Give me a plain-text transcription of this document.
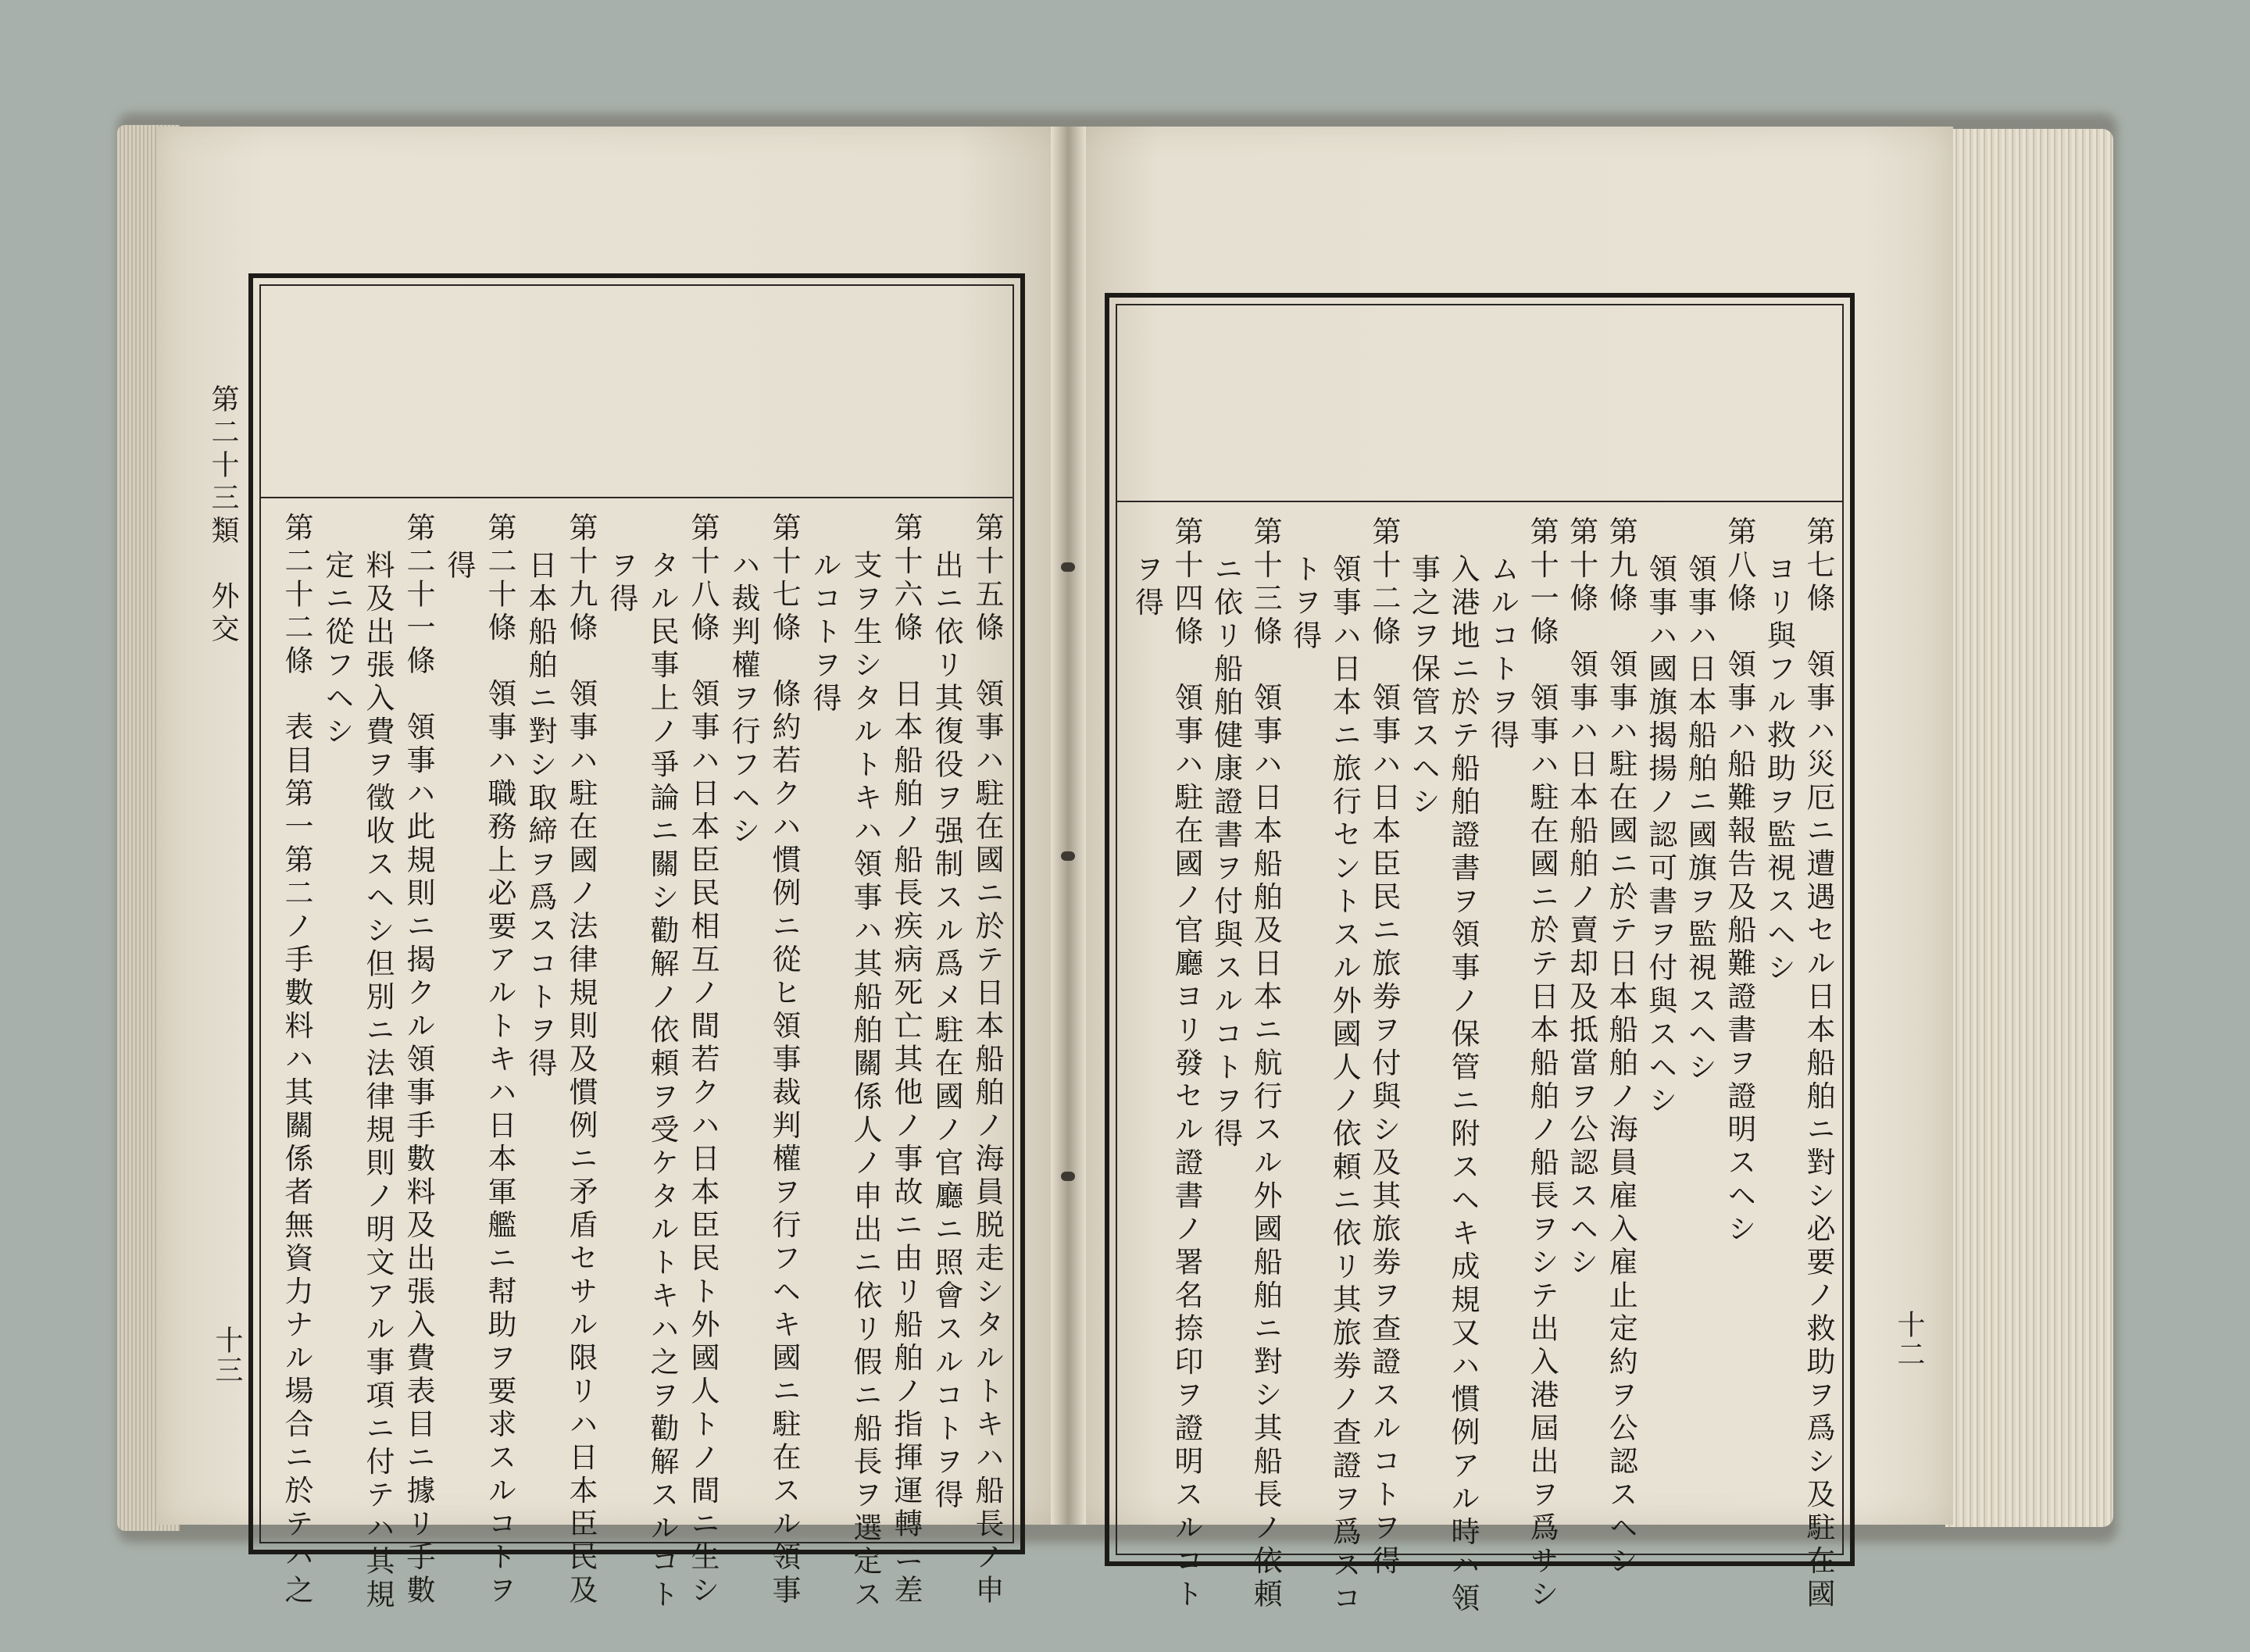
第二十三類　外交
十三	第十五條　領事ハ駐在國ニ於テ日本船舶ノ海員脱走シタルトキハ船長ノ申
出ニ依リ其復役ヲ强制スル爲メ駐在國ノ官廳ニ照會スルコトヲ得
第十六條　日本船舶ノ船長疾病死亡其他ノ事故ニ由リ船舶ノ指揮運轉ニ差
支ヲ生シタルトキハ領事ハ其船舶關係人ノ申出ニ依リ假ニ船長ヲ選定ス
ルコトヲ得
第十七條　條約若クハ慣例ニ從ヒ領事裁判權ヲ行フヘキ國ニ駐在スル領事
ハ裁判權ヲ行フヘシ
第十八條　領事ハ日本臣民相互ノ間若クハ日本臣民ト外國人トノ間ニ生シ
タル民事上ノ爭論ニ關シ勸解ノ依頼ヲ受ケタルトキハ之ヲ勸解スルコト
ヲ得
第十九條　領事ハ駐在國ノ法律規則及慣例ニ矛盾セサル限リハ日本臣民及
日本船舶ニ對シ取締ヲ爲スコトヲ得
第二十條　領事ハ職務上必要アルトキハ日本軍艦ニ幇助ヲ要求スルコトヲ
得
第二十一條　領事ハ此規則ニ揭クル領事手數料及出張入費表目ニ據リ手數
料及出張入費ヲ徵收スヘシ但別ニ法律規則ノ明文アル事項ニ付テハ其規
定ニ從フヘシ
第二十二條　表目第一第二ノ手數料ハ其關係者無資力ナル場合ニ於テハ之	十二
第七條　領事ハ災厄ニ遭遇セル日本船舶ニ對シ必要ノ救助ヲ爲シ及駐在國
ヨリ與フル救助ヲ監視スヘシ
第八條　領事ハ船難報告及船難證書ヲ證明スヘシ
領事ハ日本船舶ニ國旗ヲ監視スヘシ
領事ハ國旗揭揚ノ認可書ヲ付與スヘシ
第九條　領事ハ駐在國ニ於テ日本船舶ノ海員雇入雇止定約ヲ公認スヘシ
第十條　領事ハ日本船舶ノ賣却及抵當ヲ公認スヘシ
第十一條　領事ハ駐在國ニ於テ日本船舶ノ船長ヲシテ出入港屆出ヲ爲サシ
ムルコトヲ得
入港地ニ於テ船舶證書ヲ領事ノ保管ニ附スヘキ成規又ハ慣例アル時ハ領
事之ヲ保管スヘシ
第十二條　領事ハ日本臣民ニ旅劵ヲ付與シ及其旅劵ヲ查證スルコトヲ得
領事ハ日本ニ旅行セントスル外國人ノ依頼ニ依リ其旅劵ノ查證ヲ爲スコ
トヲ得
第十三條　領事ハ日本船舶及日本ニ航行スル外國船舶ニ對シ其船長ノ依頼
ニ依リ船舶健康證書ヲ付與スルコトヲ得
第十四條　領事ハ駐在國ノ官廳ヨリ發セル證書ノ署名捺印ヲ證明スルコト
ヲ得
